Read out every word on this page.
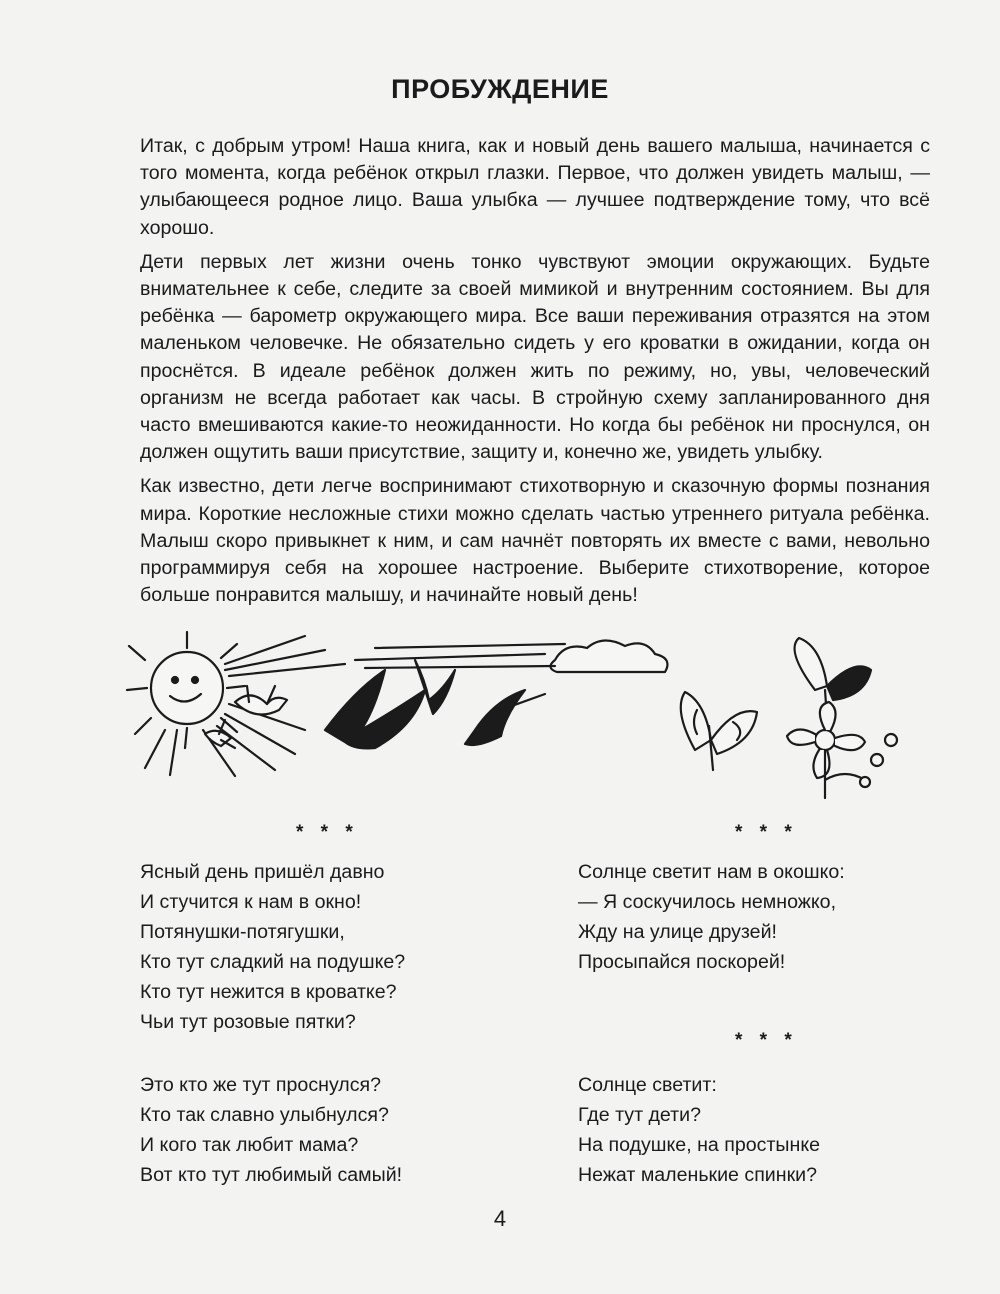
ПРОБУЖДЕНИЕ

Итак, с добрым утром! Наша книга, как и новый день вашего малыша, начинается с того момента, когда ребёнок открыл глазки. Первое, что должен увидеть малыш, — улыбающееся родное лицо. Ваша улыбка — лучшее подтверждение тому, что всё хорошо.

Дети первых лет жизни очень тонко чувствуют эмоции окружающих. Будьте внимательнее к себе, следите за своей мимикой и внутренним состоянием. Вы для ребёнка — барометр окружающего мира. Все ваши переживания отразятся на этом маленьком человечке. Не обязательно сидеть у его кроватки в ожидании, когда он проснётся. В идеале ребёнок должен жить по режиму, но, увы, человеческий организм не всегда работает как часы. В стройную схему запланированного дня часто вмешиваются какие-то неожиданности. Но когда бы ребёнок ни проснулся, он должен ощутить ваши присутствие, защиту и, конечно же, увидеть улыбку.

Как известно, дети легче воспринимают стихотворную и сказочную формы познания мира. Короткие несложные стихи можно сделать частью утреннего ритуала ребёнка. Малыш скоро привыкнет к ним, и сам начнёт повторять их вместе с вами, невольно программируя себя на хорошее настроение. Выберите стихотворение, которое больше понравится малышу, и начинайте новый день!

* * *	* * *
* * *
Ясный день пришёл давно
И стучится к нам в окно!
Потянушки-потягушки,
Кто тут сладкий на подушке?
Кто тут нежится в кроватке?
Чьи тут розовые пятки?
Это кто же тут проснулся?
Кто так славно улыбнулся?
И кого так любит мама?
Вот кто тут любимый самый!
Солнце светит нам в окошко:
— Я соскучилось немножко,
Жду на улице друзей!
Просыпайся поскорей!
Солнце светит:
Где тут дети?
На подушке, на простынке
Нежат маленькие спинки?
4
